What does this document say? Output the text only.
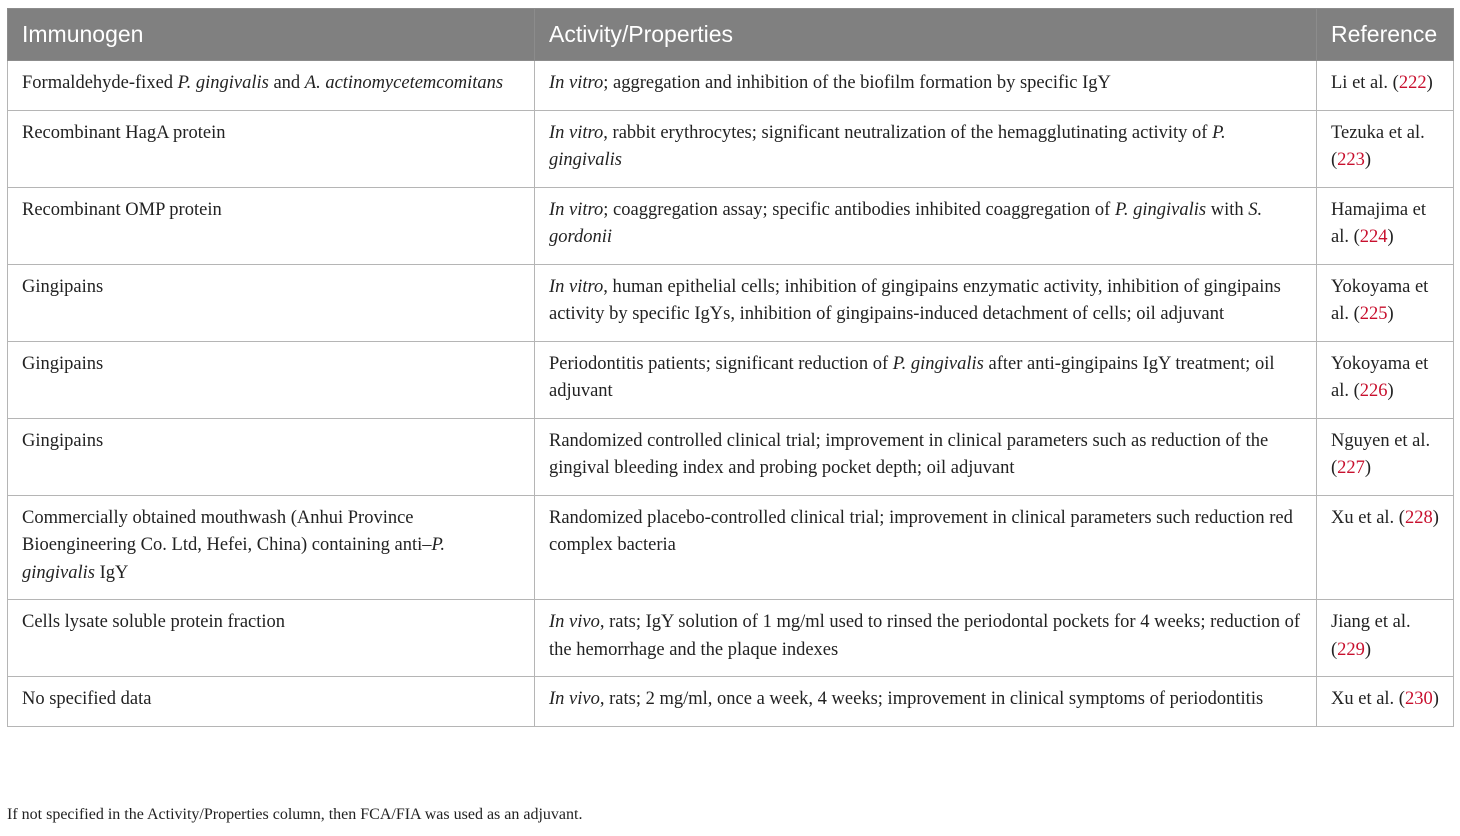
Immunogen	Activity/Properties	Reference
Formaldehyde-fixed P. gingivalis and A. actinomycetemcomitans	In vitro; aggregation and inhibition of the biofilm formation by specific IgY	Li et al. (222)
Recombinant HagA protein	In vitro, rabbit erythrocytes; significant neutralization of the hemagglutinating activity of P. gingivalis	Tezuka et al. (223)
Recombinant OMP protein	In vitro; coaggregation assay; specific antibodies inhibited coaggregation of P. gingivalis with S. gordonii	Hamajima et al. (224)
Gingipains	In vitro, human epithelial cells; inhibition of gingipains enzymatic activity, inhibition of gingipains activity by specific IgYs, inhibition of gingipains-induced detachment of cells; oil adjuvant	Yokoyama et al. (225)
Gingipains	Periodontitis patients; significant reduction of P. gingivalis after anti-gingipains IgY treatment; oil adjuvant	Yokoyama et al. (226)
Gingipains	Randomized controlled clinical trial; improvement in clinical parameters such as reduction of the gingival bleeding index and probing pocket depth; oil adjuvant	Nguyen et al. (227)
Commercially obtained mouthwash (Anhui Province Bioengineering Co. Ltd, Hefei, China) containing anti–P. gingivalis IgY	Randomized placebo-controlled clinical trial; improvement in clinical parameters such reduction red complex bacteria	Xu et al. (228)
Cells lysate soluble protein fraction	In vivo, rats; IgY solution of 1 mg/ml used to rinsed the periodontal pockets for 4 weeks; reduction of the hemorrhage and the plaque indexes	Jiang et al. (229)
No specified data	In vivo, rats; 2 mg/ml, once a week, 4 weeks; improvement in clinical symptoms of periodontitis	Xu et al. (230)
If not specified in the Activity/Properties column, then FCA/FIA was used as an adjuvant.
